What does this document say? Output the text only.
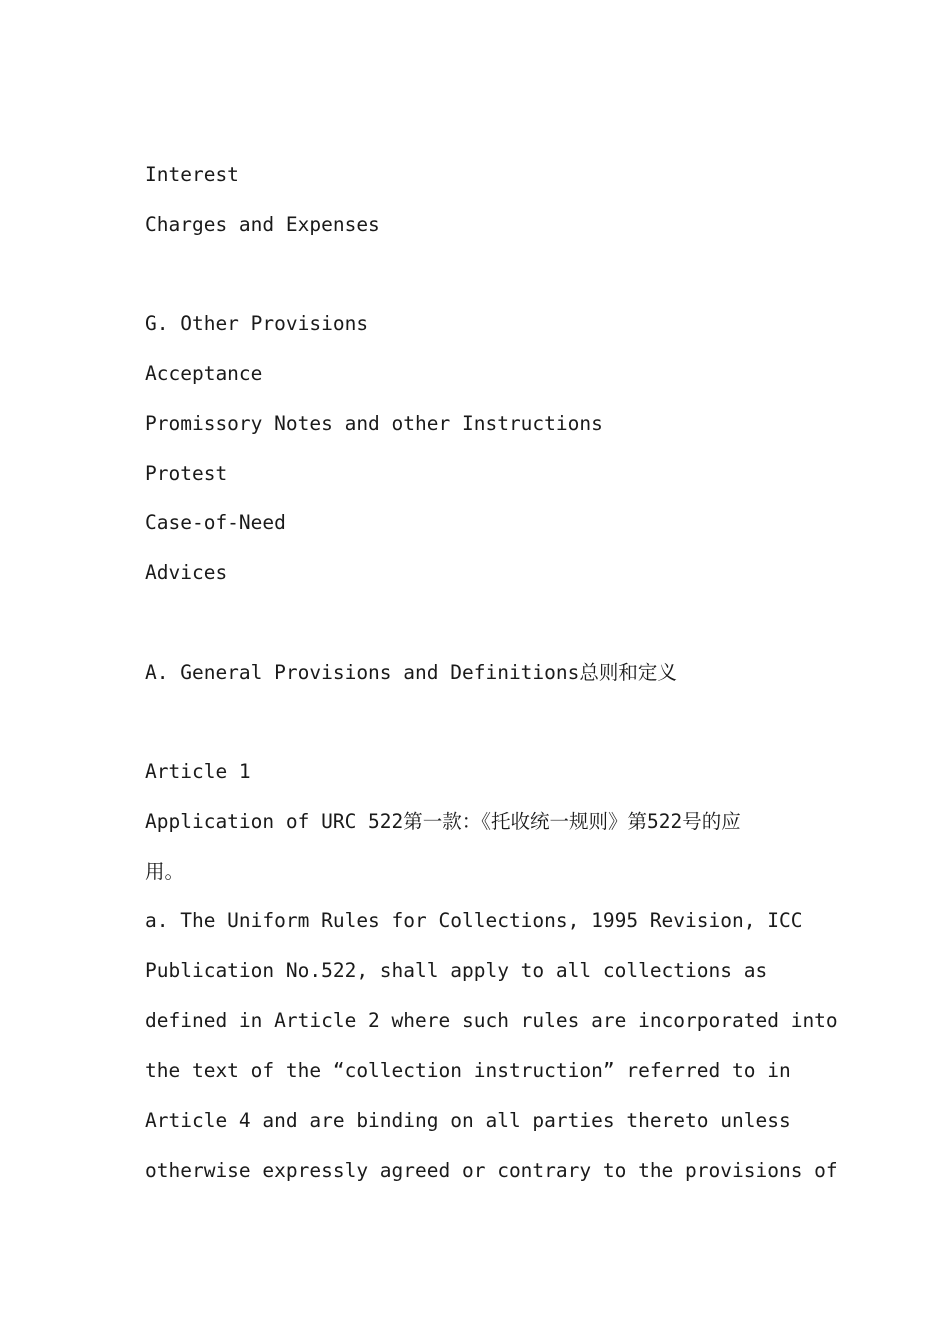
Interest
Charges and Expenses
G. Other Provisions
Acceptance
Promissory Notes and other Instructions
Protest
Case-of-Need
Advices
A. General Provisions and Definitions总则和定义
Article 1
Application of URC 522第一款：《托收统一规则》第522号的应
用。
a. The Uniform Rules for Collections, 1995 Revision, ICC
Publication No.522, shall apply to all collections as
defined in Article 2 where such rules are incorporated into
the text of the “collection instruction” referred to in
Article 4 and are binding on all parties thereto unless
otherwise expressly agreed or contrary to the provisions of
